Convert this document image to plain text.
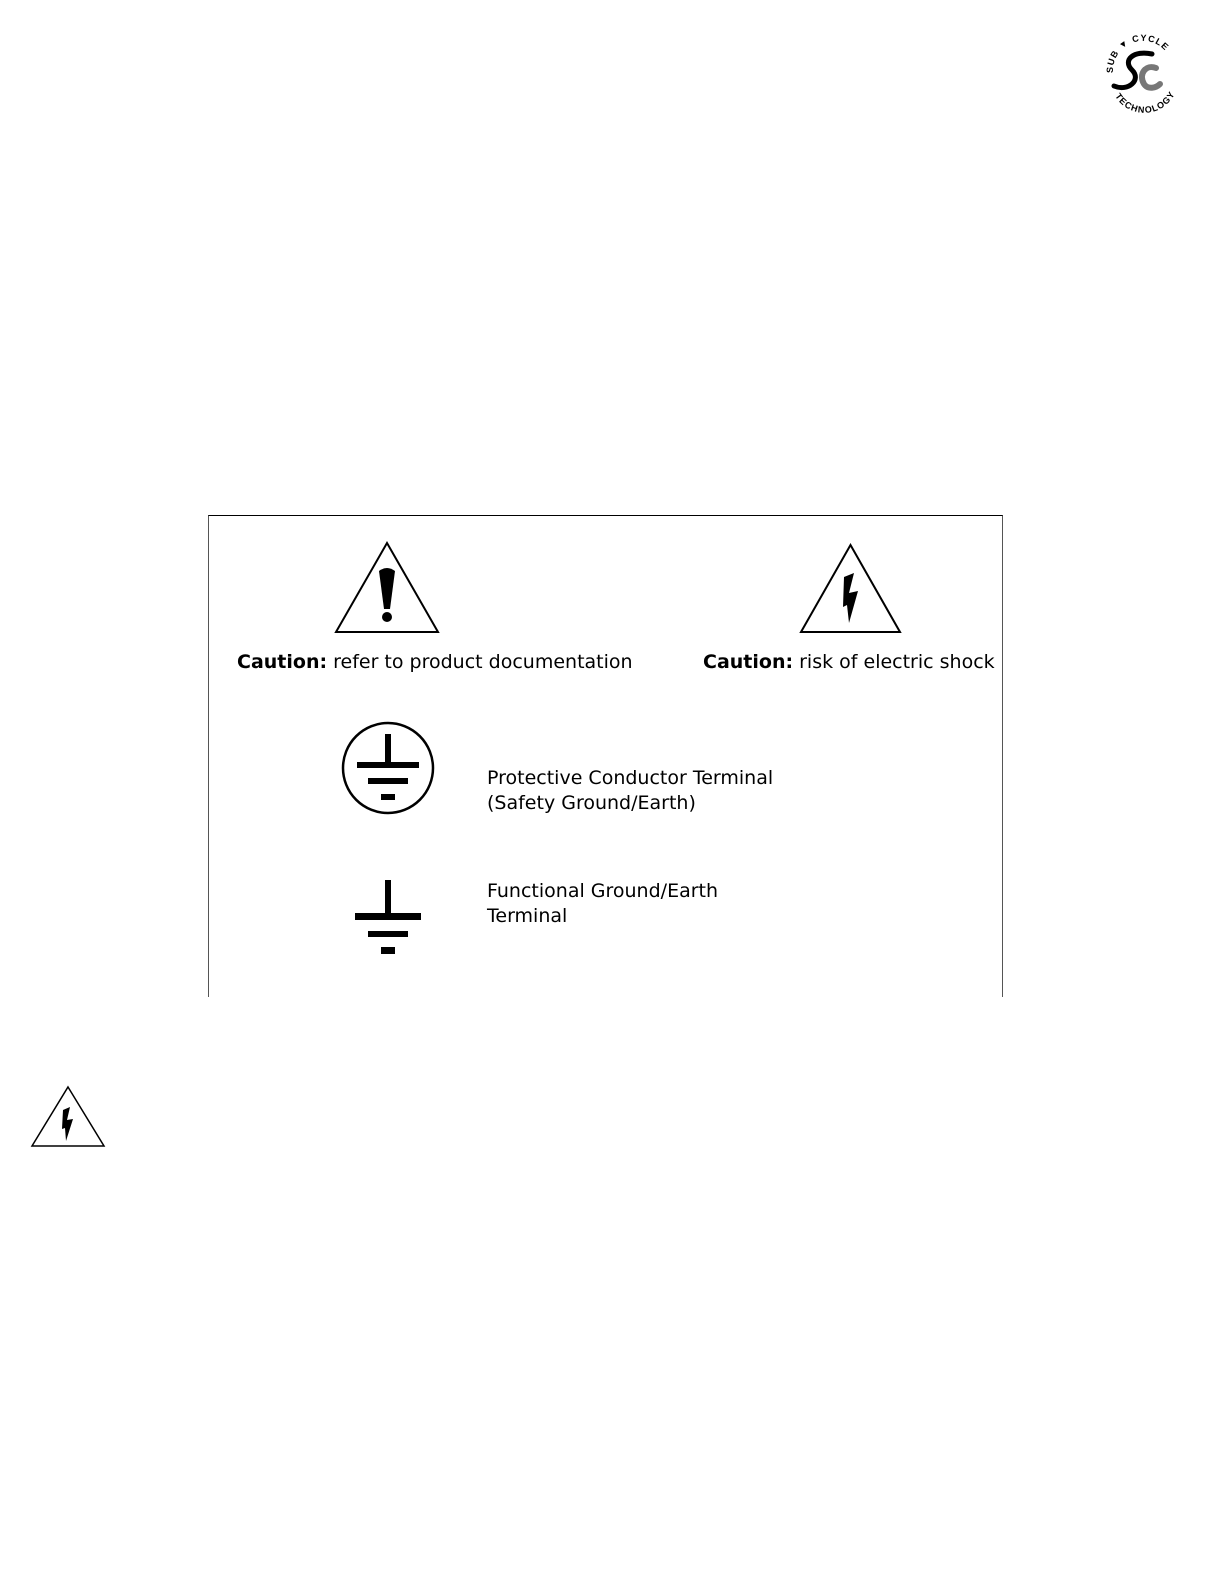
SUB ▼ CYCLE
TECHNOLOGY
Caution: refer to product documentation	Caution: risk of electric shock
Protective Conductor Terminal
(Safety Ground/Earth)
Functional Ground/Earth
Terminal
